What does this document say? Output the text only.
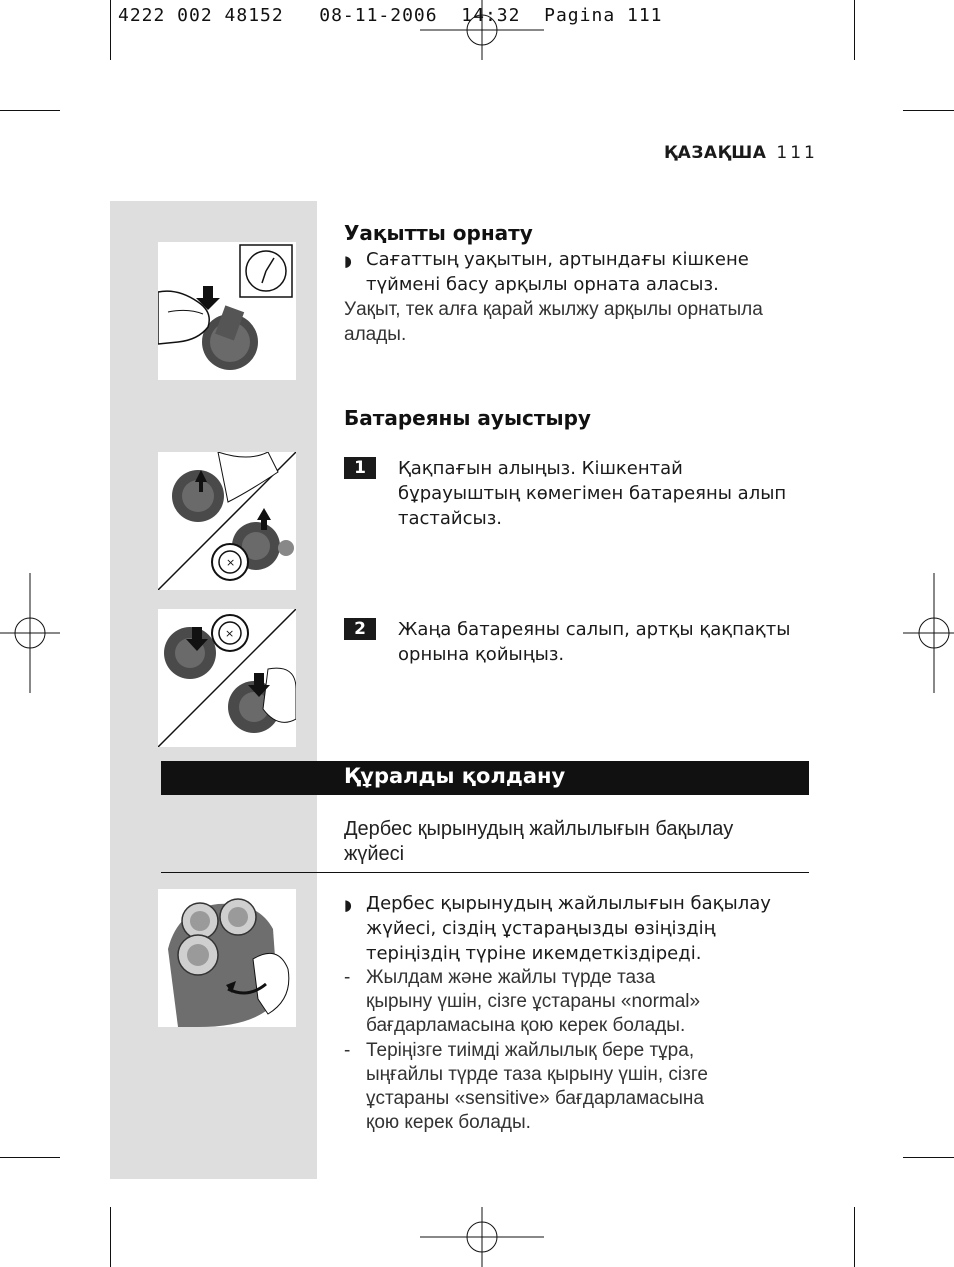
4222 002 48152   08-11-2006  14:32  Pagina 111
ҚАЗАҚША 111
×
×
Уақытты орнату
◗ Сағаттың уақытын, артындағы кішкене
түймені басу арқылы орната аласыз.
Уақыт, тек алға қарай жылжу арқылы орнатыла
алады.
Батареяны ауыстыру
1	Қақпағын алыңыз. Кішкентай
бұрауыштың көмегімен батареяны алып
тастайсыз.
2	Жаңа батареяны салып, артқы қақпақты
орнына қойыңыз.
Құралды қолдану
Дербес қырынудың жайлылығын бақылау
жүйесі
◗ Дербес қырынудың жайлылығын бақылау
жүйесі, сіздің ұстараңызды өзіңіздің
теріңіздің түріне икемдеткіздіреді.
- Жылдам және жайлы түрде таза
қырыну үшін, сізге ұстараны «normal»
бағдарламасына қою керек болады.
- Теріңізге тиімді жайлылық бере тұра,
ыңғайлы түрде таза қырыну үшін, сізге
ұстараны «sensitive» бағдарламасына
қою керек болады.
